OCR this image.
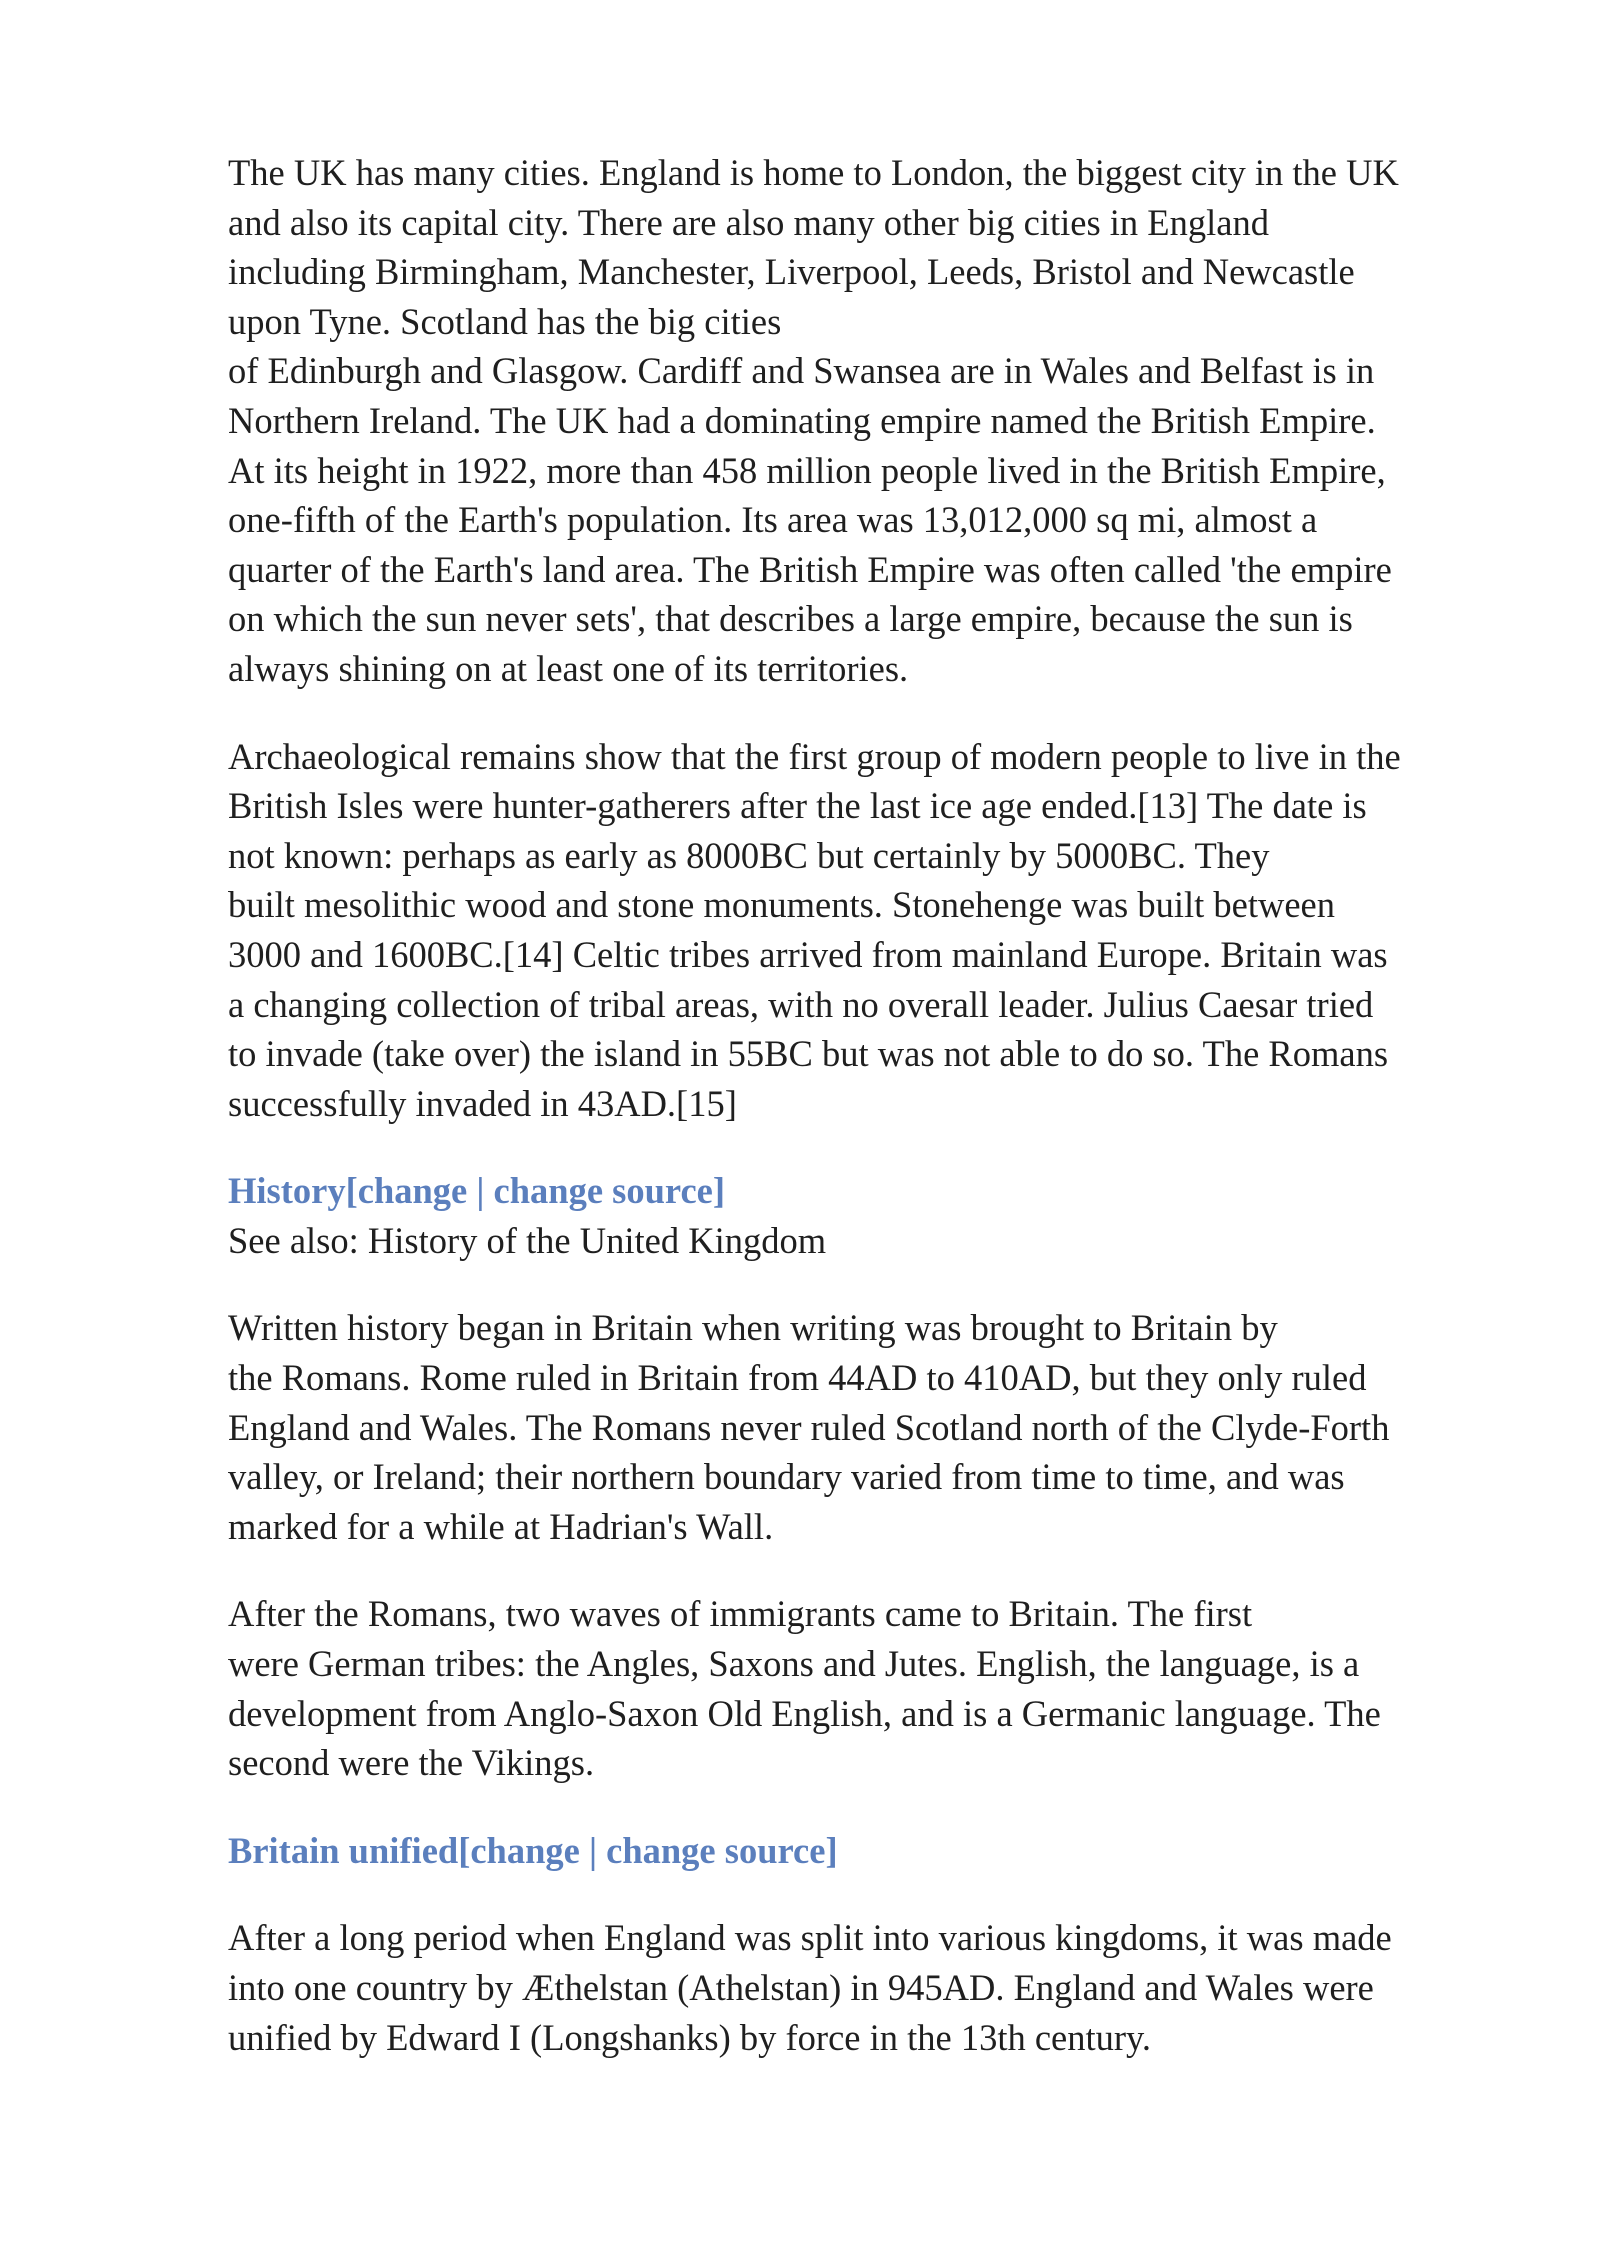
The UK has many cities. England is home to London, the biggest city in the UK
and also its capital city. There are also many other big cities in England
including Birmingham, Manchester, Liverpool, Leeds, Bristol and Newcastle
upon Tyne. Scotland has the big cities
of Edinburgh and Glasgow. Cardiff and Swansea are in Wales and Belfast is in
Northern Ireland. The UK had a dominating empire named the British Empire.
At its height in 1922, more than 458 million people lived in the British Empire,
one-fifth of the Earth's population. Its area was 13,012,000 sq mi, almost a
quarter of the Earth's land area. The British Empire was often called 'the empire
on which the sun never sets', that describes a large empire, because the sun is
always shining on at least one of its territories.

Archaeological remains show that the first group of modern people to live in the
British Isles were hunter-gatherers after the last ice age ended.[13] The date is
not known: perhaps as early as 8000BC but certainly by 5000BC. They
built mesolithic wood and stone monuments. Stonehenge was built between
3000 and 1600BC.[14] Celtic tribes arrived from mainland Europe. Britain was
a changing collection of tribal areas, with no overall leader. Julius Caesar tried
to invade (take over) the island in 55BC but was not able to do so. The Romans
successfully invaded in 43AD.[15]

History[change | change source]

See also: History of the United Kingdom

Written history began in Britain when writing was brought to Britain by
the Romans. Rome ruled in Britain from 44AD to 410AD, but they only ruled
England and Wales. The Romans never ruled Scotland north of the Clyde-Forth
valley, or Ireland; their northern boundary varied from time to time, and was
marked for a while at Hadrian's Wall.

After the Romans, two waves of immigrants came to Britain. The first
were German tribes: the Angles, Saxons and Jutes. English, the language, is a
development from Anglo-Saxon Old English, and is a Germanic language. The
second were the Vikings.

Britain unified[change | change source]

After a long period when England was split into various kingdoms, it was made
into one country by Æthelstan (Athelstan) in 945AD. England and Wales were
unified by Edward I (Longshanks) by force in the 13th century.
